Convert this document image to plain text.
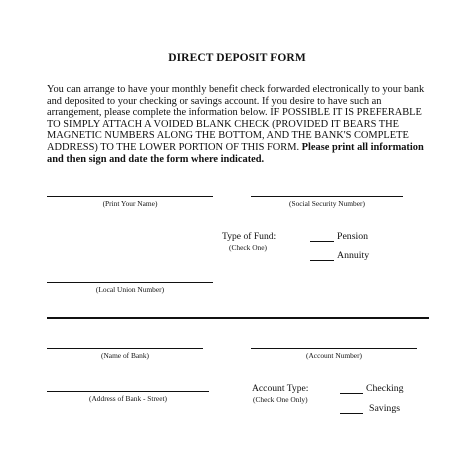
DIRECT DEPOSIT FORM
You can arrange to have your monthly benefit check forwarded electronically to your bank and deposited to your checking or savings account. If you desire to have such an arrangement, please complete the information below. IF POSSIBLE IT IS PREFERABLE TO SIMPLY ATTACH A VOIDED BLANK CHECK (PROVIDED IT BEARS THE MAGNETIC NUMBERS ALONG THE BOTTOM, AND THE BANK'S COMPLETE ADDRESS) TO THE LOWER PORTION OF THIS FORM. Please print all information and then sign and date the form where indicated.
(Print Your Name)	(Social Security Number)
Type of Fund:
(Check One)
Pension
Annuity
(Local Union Number)
(Name of Bank)	(Account Number)
Account Type:
(Check One Only)
Checking
Savings
(Address of Bank - Street)
